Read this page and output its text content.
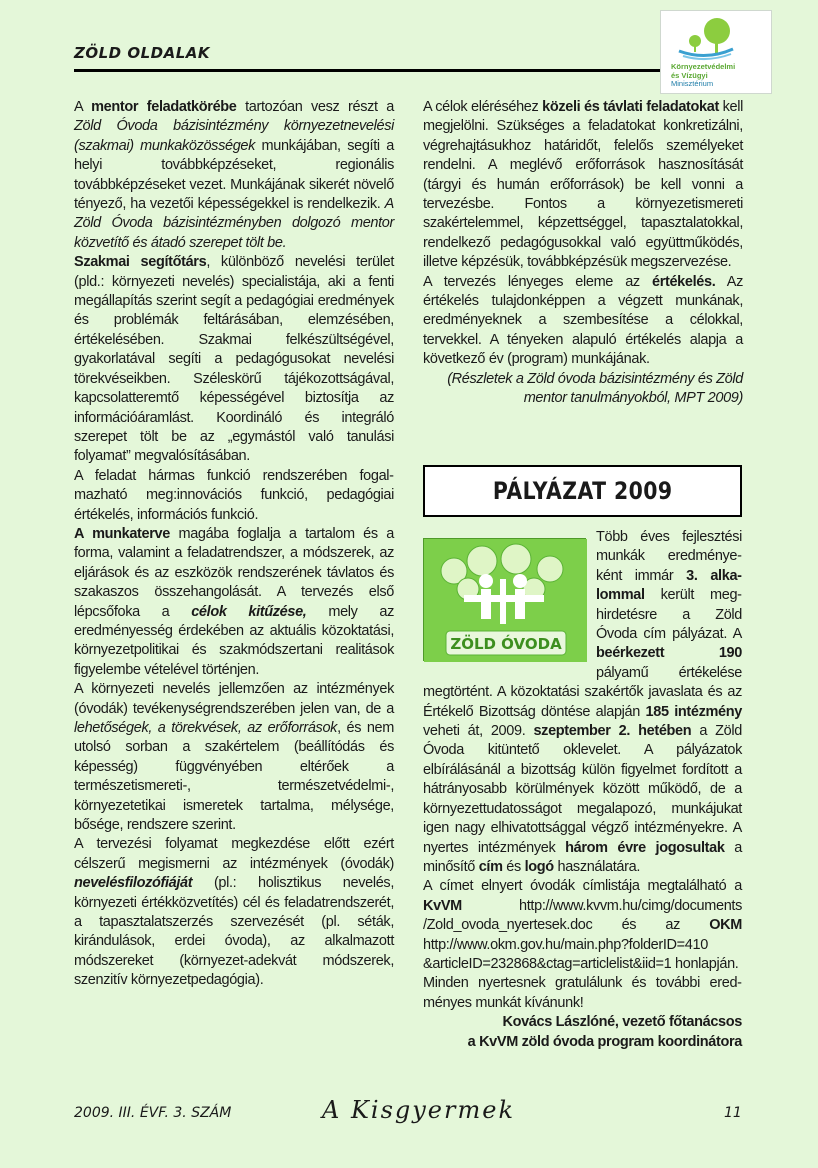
ZÖLD OLDALAK
Környezetvédelmi
és Vízügyi
Minisztérium

A mentor feladatkörébe tartozóan vesz részt a Zöld Óvoda bázisintézmény környezetnevelési (szakmai) munkaközösségek munkájában, segíti a helyi továbbképzéseket, regionális továbbképzéseket vezet. Munkájának sikerét növelő tényező, ha vezetői képességekkel is rendelkezik. A Zöld Óvoda bázisintézményben dolgozó mentor közvetítő és átadó szerepet tölt be.

Szakmai segítőtárs, különböző nevelési terület (pld.: környezeti nevelés) specialistája, aki a fenti megállapítás szerint segít a pedagógiai eredmények és problémák feltárásában, elemzésében, értékelésében. Szakmai felkészültségével, gyakorlatával segíti a pedagógusokat nevelési törekvéseikben. Széleskörű tájékozottságával, kapcsolatteremtő képességével biztosítja az információáramlást. Koordináló és integráló szerepet tölt be az „egymástól való tanulási folyamat” megvalósításában.

A feladat hármas funkció rendszerében fogalmazható meg:innovációs funkció, pedagógiai értékelés, információs funkció.

A munkaterve magába foglalja a tartalom és a forma, valamint a feladatrendszer, a módszerek, az eljárások és az eszközök rendszerének távlatos és szakaszos összehangolását. A tervezés első lépcsőfoka a célok kitűzése, mely az eredményesség érdekében az aktuális közoktatási, környezetpolitikai és szakmódszertani realitások figyelembe vételével történjen.

A környezeti nevelés jellemzően az intézmények (óvodák) tevékenységrendszerében jelen van, de a lehetőségek, a törekvések, az erőforrások, és nem utolsó sorban a szakértelem (beállítódás és képesség) függvényében eltérőek a természetismereti-, természetvédelmi-, környezetetikai ismeretek tartalma, mélysége, bősége, rendszere szerint.

A tervezési folyamat megkezdése előtt ezért célszerű megismerni az intézmények (óvodák) nevelésfilozófiáját (pl.: holisztikus nevelés, környezeti értékközvetítés) cél és feladatrendszerét, a tapasztalatszerzés szervezését (pl. séták, kirándulások, erdei óvoda), az alkalmazott módszereket (környezet-adekvát módszerek, szenzitív környezetpedagógia).

A célok eléréséhez közeli és távlati feladatokat kell megjelölni. Szükséges a feladatokat konkretizálni, végrehajtásukhoz határidőt, felelős személyeket rendelni. A meglévő erőforrások hasznosítását (tárgyi és humán erőforrások) be kell vonni a tervezésbe. Fontos a környezetismereti szakértelemmel, képzettséggel, tapasztalatokkal, rendelkező pedagógusokkal való együttműködés, illetve képzésük, továbbképzésük megszervezése.

A tervezés lényeges eleme az értékelés. Az értékelés tulajdonképpen a végzett munkának, eredményeknek a szembesítése a célokkal, tervekkel. A tényeken alapuló értékelés alapja a következő év (program) munkájának.

(Részletek a Zöld óvoda bázisintézmény és Zöld mentor tanulmányokból, MPT 2009)

PÁLYÁZAT 2009
ZÖLD ÓVODA

Több éves fejlesztési munkák eredményeként immár 3. alkalommal került meghirdetésre a Zöld Óvoda cím pályázat. A beérkezett 190 pályamű értékelése megtörtént. A közoktatási szakértők javaslata és az Értékelő Bizottság döntése alapján 185 intézmény veheti át, 2009. szeptember 2. hetében a Zöld Óvoda kitüntető oklevelet. A pályázatok elbírálásánál a bizottság külön figyelmet fordított a hátrányosabb körülmények között működő, de a környezettudatosságot megalapozó, munkájukat igen nagy elhivatottsággal végző intézményekre. A nyertes intézmények három évre jogosultak a minősítő cím és logó használatára.

A címet elnyert óvodák címlistája megtalálható a KvVM http://www.kvvm.hu/cimg/documents /Zold_ovoda_nyertesek.doc és az OKM http://www.okm.gov.hu/main.php?folderID=410 &articleID=232868&ctag=articlelist&iid=1 honlapján.

Minden nyertesnek gratulálunk és további eredményes munkát kívánunk!

Kovács Lászlóné, vezető főtanácsos

a KvVM zöld óvoda program koordinátora

2009. III. ÉVF. 3. SZÁM	A Kisgyermek	11
